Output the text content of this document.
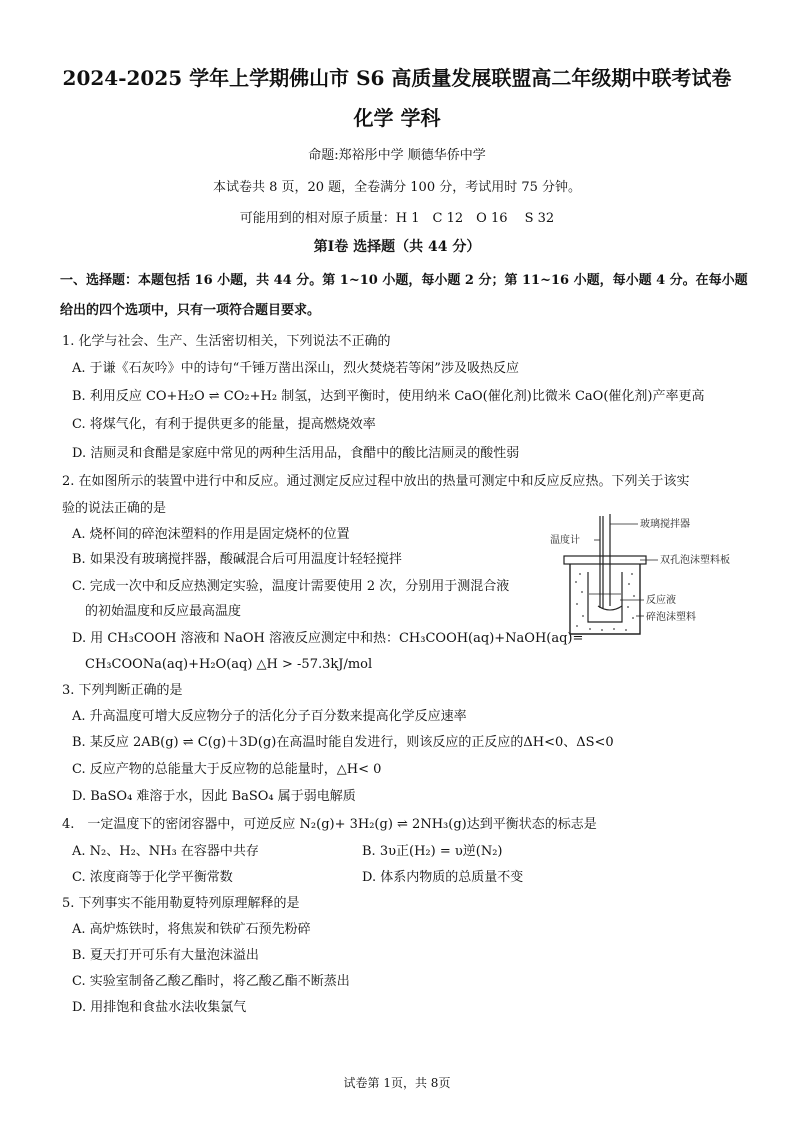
2024-2025 学年上学期佛山市 S6 高质量发展联盟高二年级期中联考试卷
化学 学科
命题:郑裕彤中学 顺德华侨中学
本试卷共 8 页，20 题，全卷满分 100 分，考试用时 75 分钟。
可能用到的相对原子质量：H 1　C 12　O 16　 S 32
第Ⅰ卷 选择题（共 44 分）
一、选择题：本题包括 16 小题，共 44 分。第 1~10 小题，每小题 2 分；第 11~16 小题，每小题 4 分。在每小题
给出的四个选项中，只有一项符合题目要求。
1. 化学与社会、生产、生活密切相关，下列说法不正确的
A. 于谦《石灰吟》中的诗句“千锤万凿出深山，烈火焚烧若等闲”涉及吸热反应
B. 利用反应 CO+H₂O ⇌ CO₂+H₂ 制氢，达到平衡时，使用纳米 CaO(催化剂)比微米 CaO(催化剂)产率更高
C. 将煤气化，有利于提供更多的能量，提高燃烧效率
D. 洁厕灵和食醋是家庭中常见的两种生活用品，食醋中的酸比洁厕灵的酸性弱
2. 在如图所示的装置中进行中和反应。通过测定反应过程中放出的热量可测定中和反应反应热。下列关于该实
验的说法正确的是
A. 烧杯间的碎泡沫塑料的作用是固定烧杯的位置
B. 如果没有玻璃搅拌器，酸碱混合后可用温度计轻轻搅拌
C. 完成一次中和反应热测定实验，温度计需要使用 2 次，分别用于测混合液
的初始温度和反应最高温度
D. 用 CH₃COOH 溶液和 NaOH 溶液反应测定中和热：CH₃COOH(aq)+NaOH(aq)=
CH₃COONa(aq)+H₂O(aq) △H > -57.3kJ/mol
温度计
玻璃搅拌器
双孔泡沫塑料板
反应液
碎泡沫塑料
3. 下列判断正确的是
A. 升高温度可增大反应物分子的活化分子百分数来提高化学反应速率
B. 某反应 2AB(g) ⇌ C(g)＋3D(g)在高温时能自发进行，则该反应的正反应的ΔH<0、ΔS<0
C. 反应产物的总能量大于反应物的总能量时，△H< 0
D. BaSO₄ 难溶于水，因此 BaSO₄ 属于弱电解质
4.　一定温度下的密闭容器中，可逆反应 N₂(g)+ 3H₂(g) ⇌ 2NH₃(g)达到平衡状态的标志是
A. N₂、H₂、NH₃ 在容器中共存	B. 3υ正(H₂) = υ逆(N₂)
C. 浓度商等于化学平衡常数	D. 体系内物质的总质量不变
5. 下列事实不能用勒夏特列原理解释的是
A. 高炉炼铁时，将焦炭和铁矿石预先粉碎
B. 夏天打开可乐有大量泡沫溢出
C. 实验室制备乙酸乙酯时，将乙酸乙酯不断蒸出
D. 用排饱和食盐水法收集氯气
试卷第 1页，共 8页
